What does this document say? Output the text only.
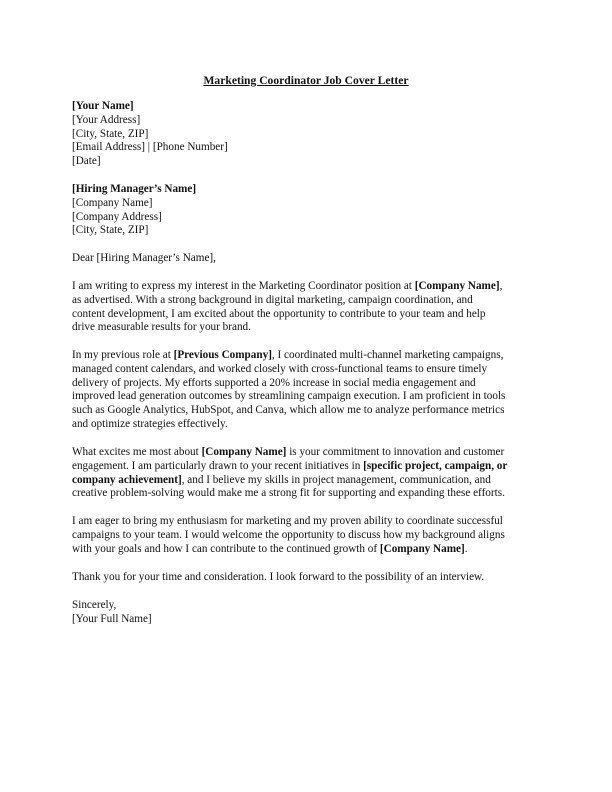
Marketing Coordinator Job Cover Letter
[Your Name]
[Your Address]
[City, State, ZIP]
[Email Address] | [Phone Number]
[Date]
[Hiring Manager’s Name]
[Company Name]
[Company Address]
[City, State, ZIP]
Dear [Hiring Manager’s Name],
I am writing to express my interest in the Marketing Coordinator position at [Company Name],
as advertised. With a strong background in digital marketing, campaign coordination, and
content development, I am excited about the opportunity to contribute to your team and help
drive measurable results for your brand.
In my previous role at [Previous Company], I coordinated multi-channel marketing campaigns,
managed content calendars, and worked closely with cross-functional teams to ensure timely
delivery of projects. My efforts supported a 20% increase in social media engagement and
improved lead generation outcomes by streamlining campaign execution. I am proficient in tools
such as Google Analytics, HubSpot, and Canva, which allow me to analyze performance metrics
and optimize strategies effectively.
What excites me most about [Company Name] is your commitment to innovation and customer
engagement. I am particularly drawn to your recent initiatives in [specific project, campaign, or
company achievement], and I believe my skills in project management, communication, and
creative problem-solving would make me a strong fit for supporting and expanding these efforts.
I am eager to bring my enthusiasm for marketing and my proven ability to coordinate successful
campaigns to your team. I would welcome the opportunity to discuss how my background aligns
with your goals and how I can contribute to the continued growth of [Company Name].
Thank you for your time and consideration. I look forward to the possibility of an interview.
Sincerely,
[Your Full Name]
